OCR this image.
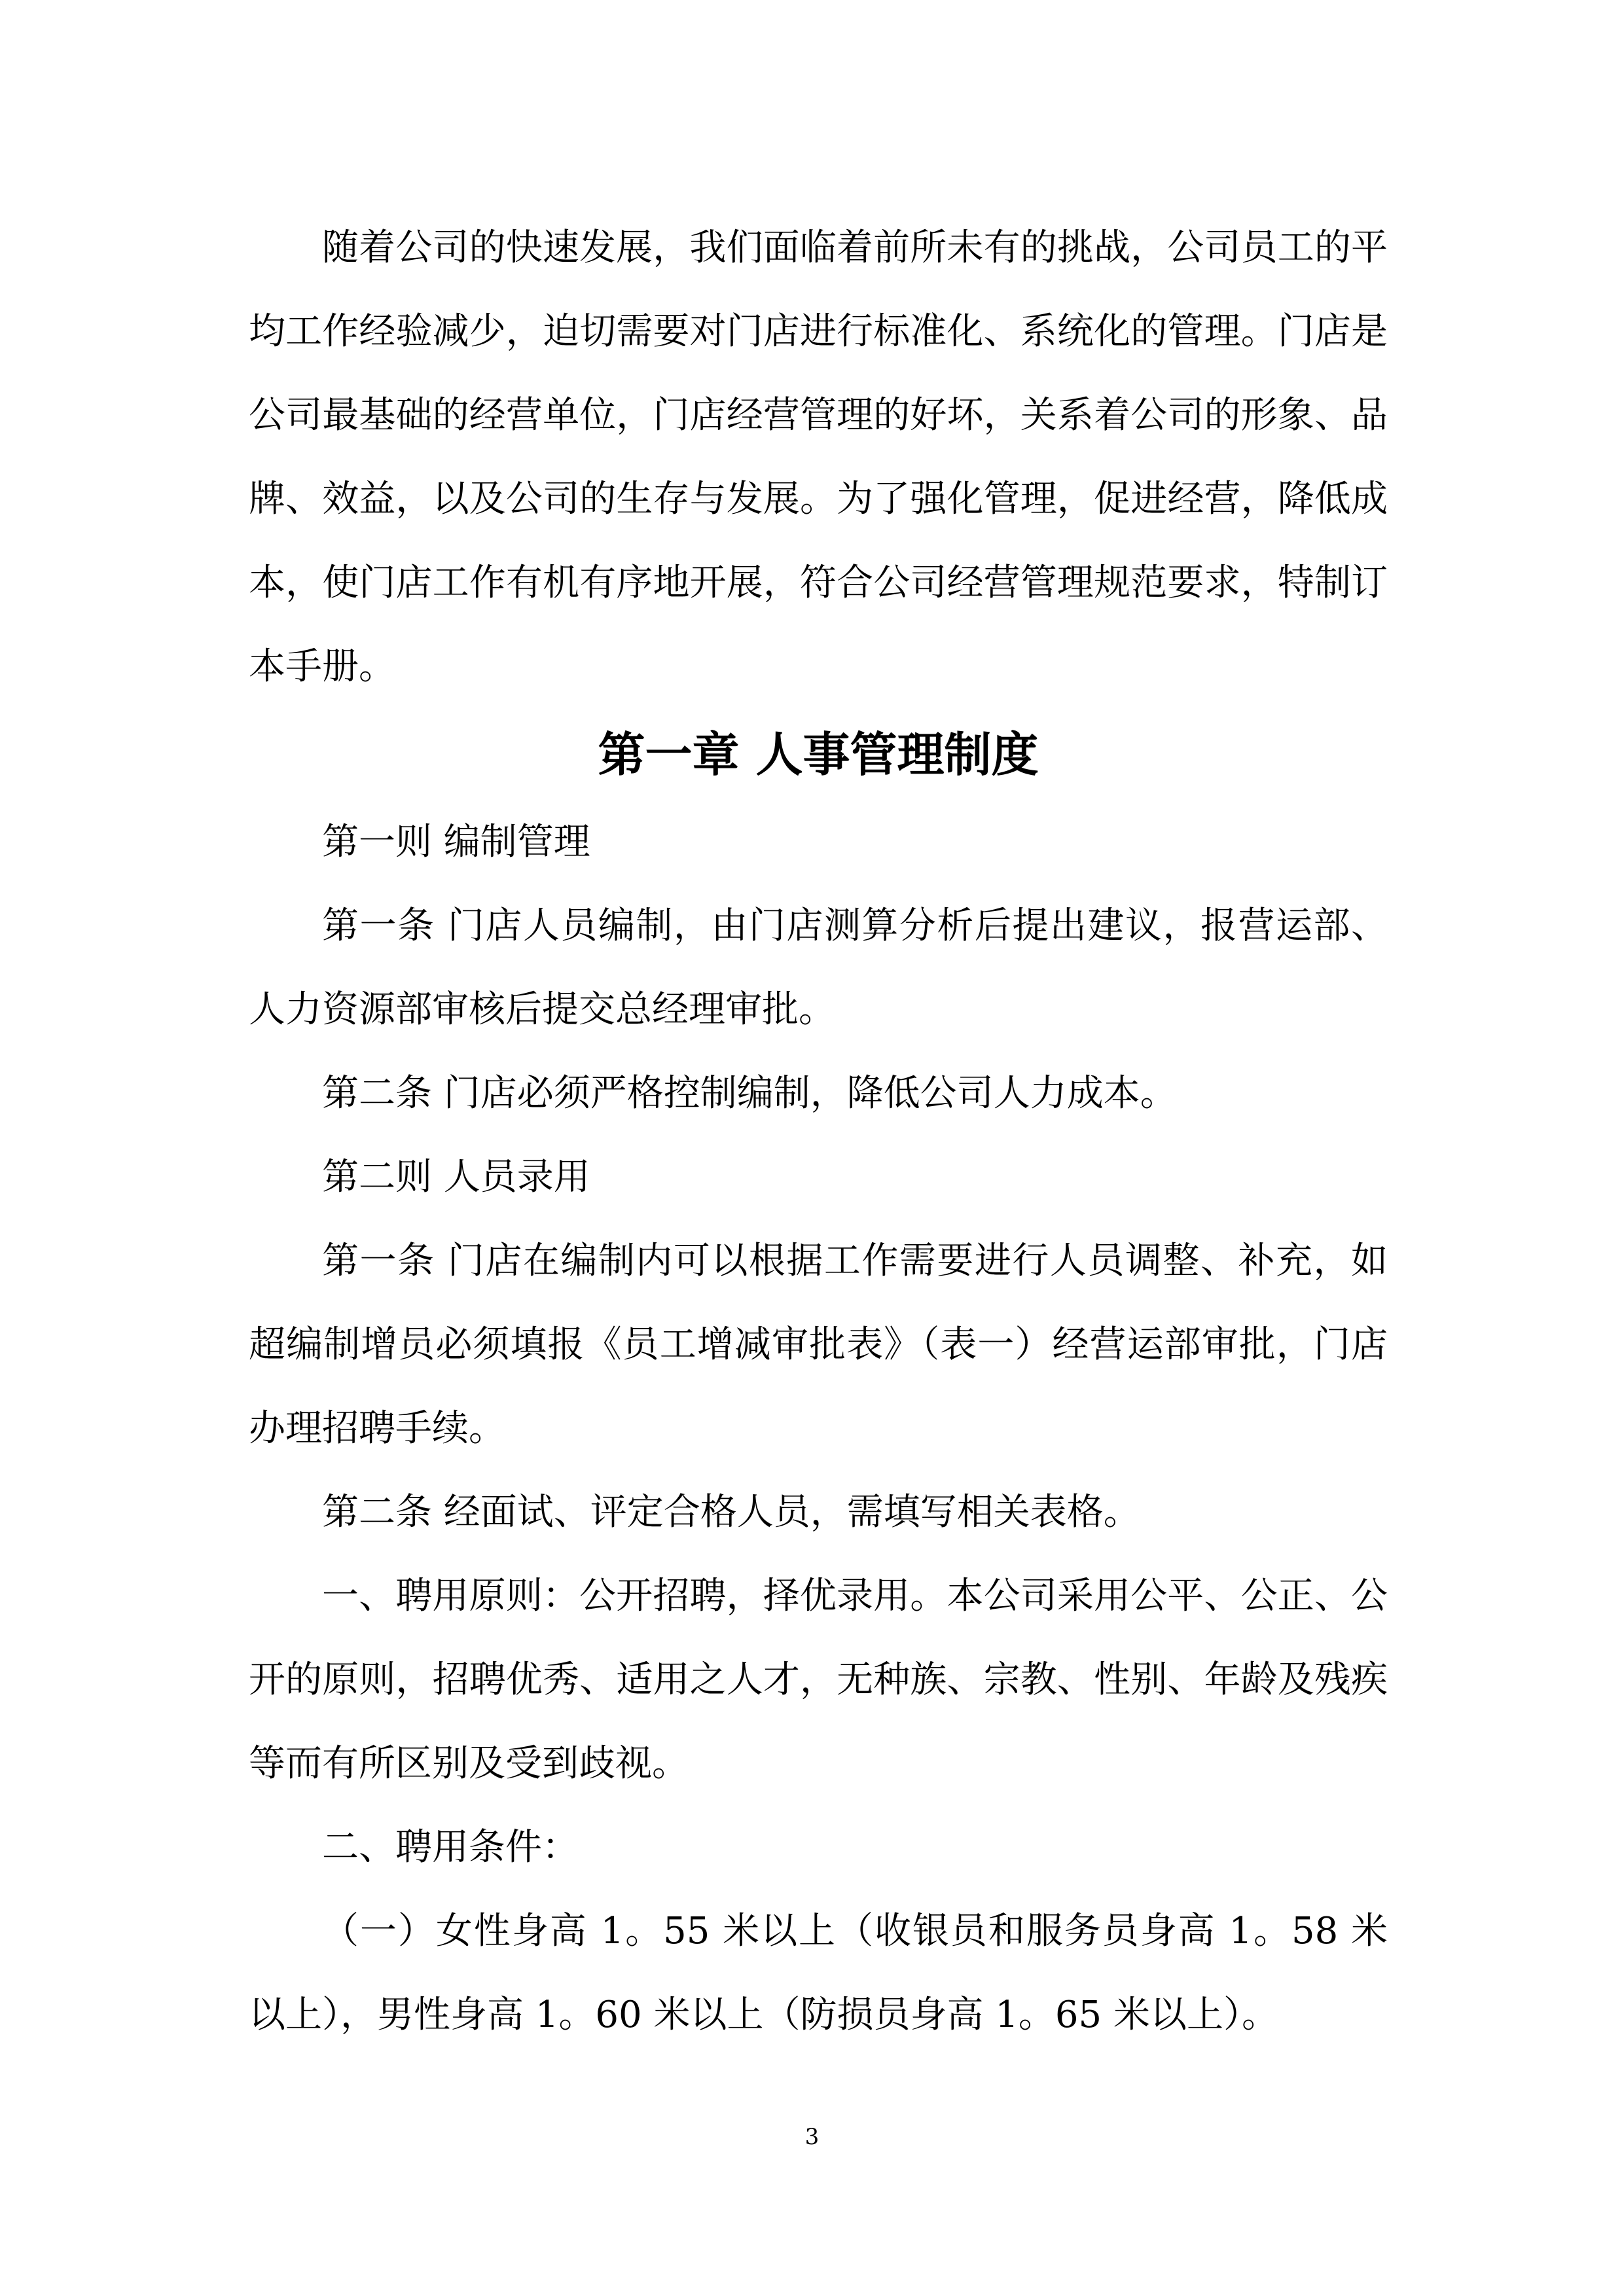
随着公司的快速发展，我们面临着前所未有的挑战，公司员工的平均工作经验减少，迫切需要对门店进行标准化、系统化的管理。门店是公司最基础的经营单位，门店经营管理的好坏，关系着公司的形象、品牌、效益，以及公司的生存与发展。为了强化管理，促进经营，降低成本，使门店工作有机有序地开展，符合公司经营管理规范要求，特制订本手册。

第一章 人事管理制度

第一则 编制管理

第一条 门店人员编制，由门店测算分析后提出建议，报营运部、人力资源部审核后提交总经理审批。

第二条 门店必须严格控制编制，降低公司人力成本。

第二则 人员录用

第一条 门店在编制内可以根据工作需要进行人员调整、补充，如超编制增员必须填报《员工增减审批表》（表一）经营运部审批，门店办理招聘手续。

第二条 经面试、评定合格人员，需填写相关表格。

一、聘用原则：公开招聘，择优录用。本公司采用公平、公正、公开的原则，招聘优秀、适用之人才，无种族、宗教、性别、年龄及残疾等而有所区别及受到歧视。

二、聘用条件：

（一）女性身高 1。55 米以上（收银员和服务员身高 1。58 米以上），男性身高 1。60 米以上（防损员身高 1。65 米以上）。

3
